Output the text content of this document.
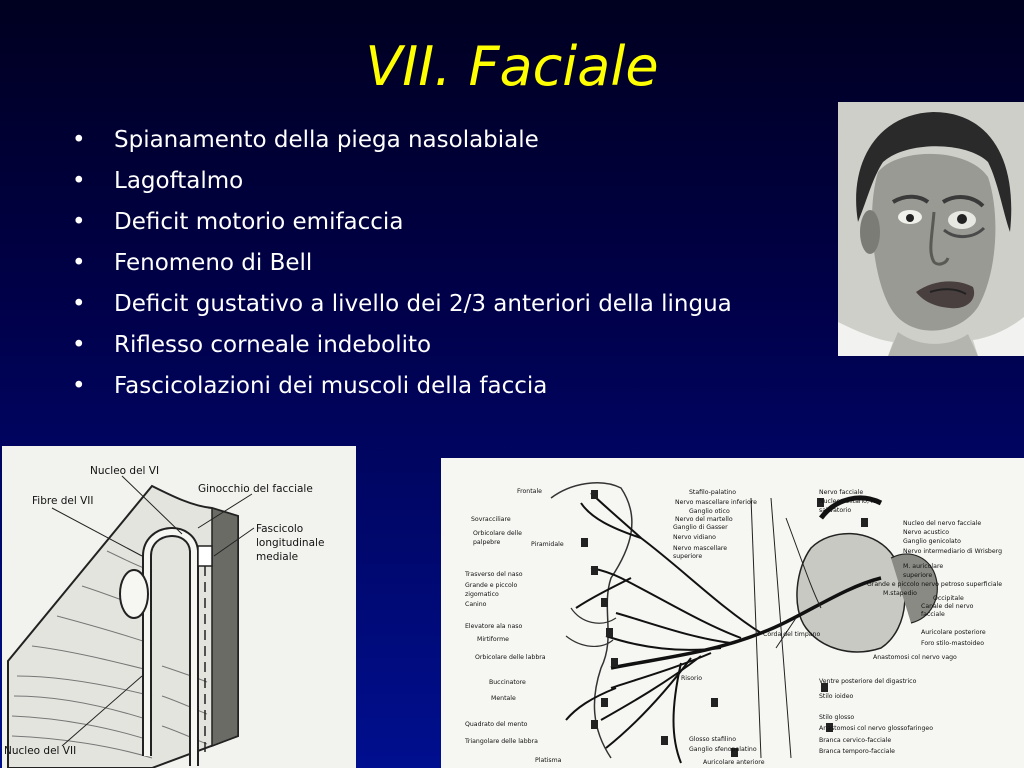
VII. Faciale
• Spianamento della piega nasolabiale
• Lagoftalmo
• Deficit motorio emifaccia
• Fenomeno di Bell
• Deficit gustativo a livello dei 2/3 anteriori della lingua
• Riflesso corneale indebolito
• Fascicolazioni dei muscoli della faccia
Nucleo del VI
Fibre del VII
Ginocchio del facciale
Fascicolo
longitudinale
mediale
Nucleo del VII
Frontale
Sovracciliare
Orbicolare delle
palpebre	Piramidale
Trasverso del naso
Grande e piccolo
zigomatico
Canino
Elevatore ala naso
Mirtiforme
Orbicolare delle labbra
Buccinatore
Mentale
Quadrato del mento
Triangolare delle labbra
Platisma
Stafilo-palatino
Nervo mascellare inferiore
Ganglio otico
Nervo del martello
Ganglio di Gasser
Nervo vidiano
Nervo mascellare
superiore
Nervo facciale
Nucleo solitario, N.
salivatorio
Nucleo del nervo facciale
Nervo acustico
Ganglio genicolato
Nervo intermediario di Wrisberg
M. auricolare
superiore
Grande e piccolo nervo petroso superficiale
M.stapedio
Occipitale
Canale del nervo
facciale
Auricolare posteriore
Foro stilo-mastoideo
Anastomosi col nervo vago
Ventre posteriore del digastrico
Stilo ioideo
Stilo glosso
Anastomosi col nervo glossofaringeo
Branca cervico-facciale
Branca temporo-facciale
Corda del timpano
Risorio
Glosso stafilino
Ganglio sfenopalatino
Auricolare anteriore
